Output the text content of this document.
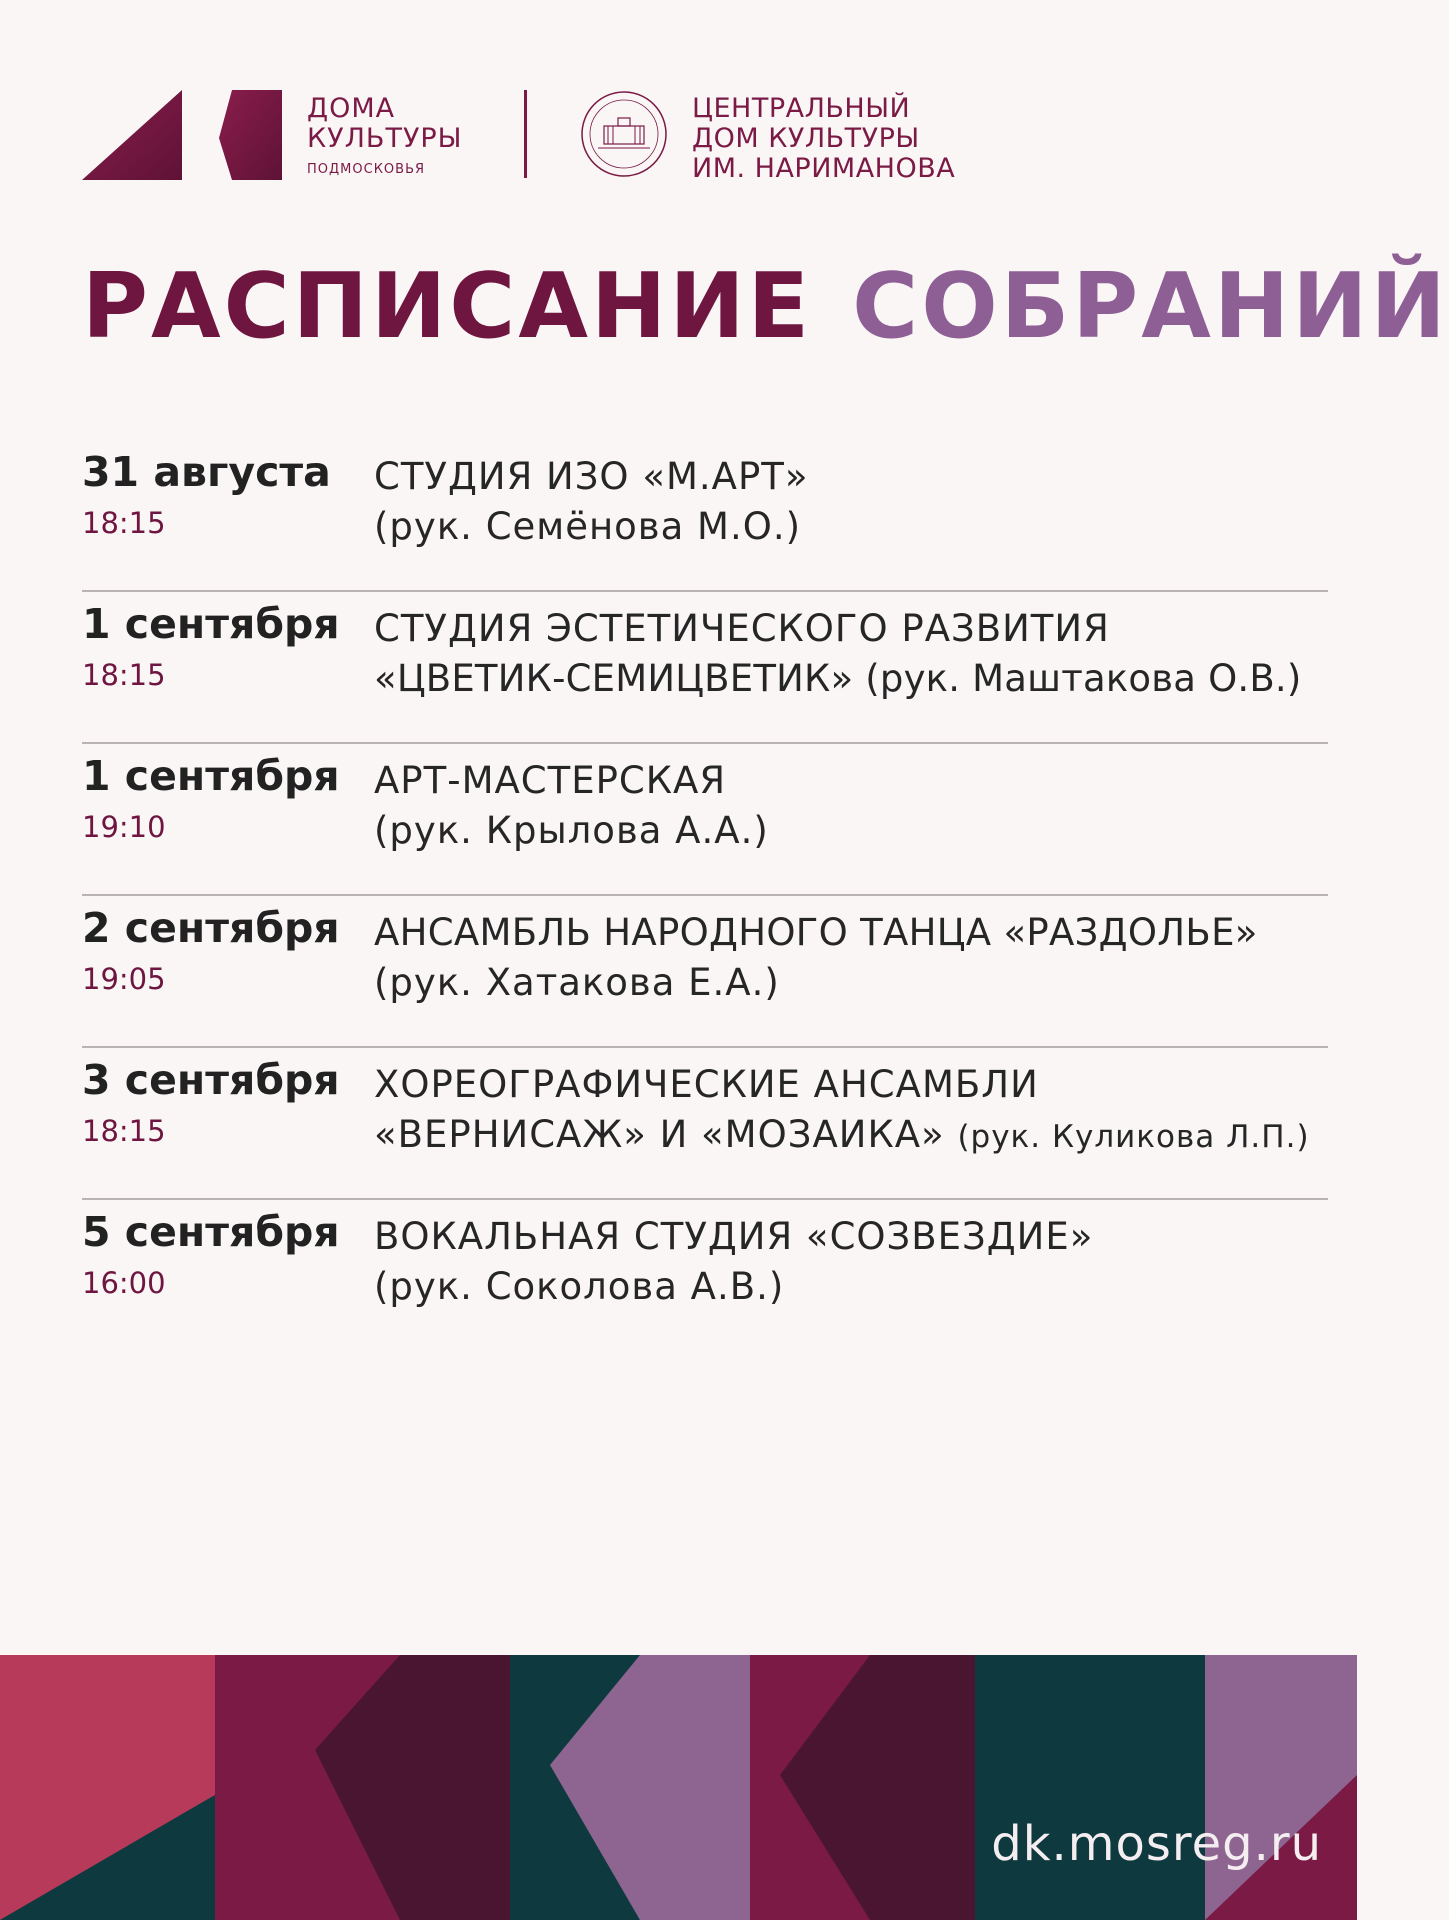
ДОМА
КУЛЬТУРЫ
ПОДМОСКОВЬЯ
ЦЕНТРАЛЬНЫЙ
ДОМ КУЛЬТУРЫ
ИМ. НАРИМАНОВА
РАСПИСАНИЕ СОБРАНИЙ
31 августа
18:15
СТУДИЯ ИЗО «М.АРТ»
(рук. Семёнова М.О.)
1 сентября
18:15
СТУДИЯ ЭСТЕТИЧЕСКОГО РАЗВИТИЯ
«ЦВЕТИК-СЕМИЦВЕТИК» (рук. Маштакова О.В.)
1 сентября
19:10
АРТ-МАСТЕРСКАЯ
(рук. Крылова А.А.)
2 сентября
19:05
АНСАМБЛЬ НАРОДНОГО ТАНЦА «РАЗДОЛЬЕ»
(рук. Хатакова Е.А.)
3 сентября
18:15
ХОРЕОГРАФИЧЕСКИЕ АНСАМБЛИ
«ВЕРНИСАЖ» И «МОЗАИКА» (рук. Куликова Л.П.)
5 сентября
16:00
ВОКАЛЬНАЯ СТУДИЯ «СОЗВЕЗДИЕ»
(рук. Соколова А.В.)
dk.mosreg.ru
